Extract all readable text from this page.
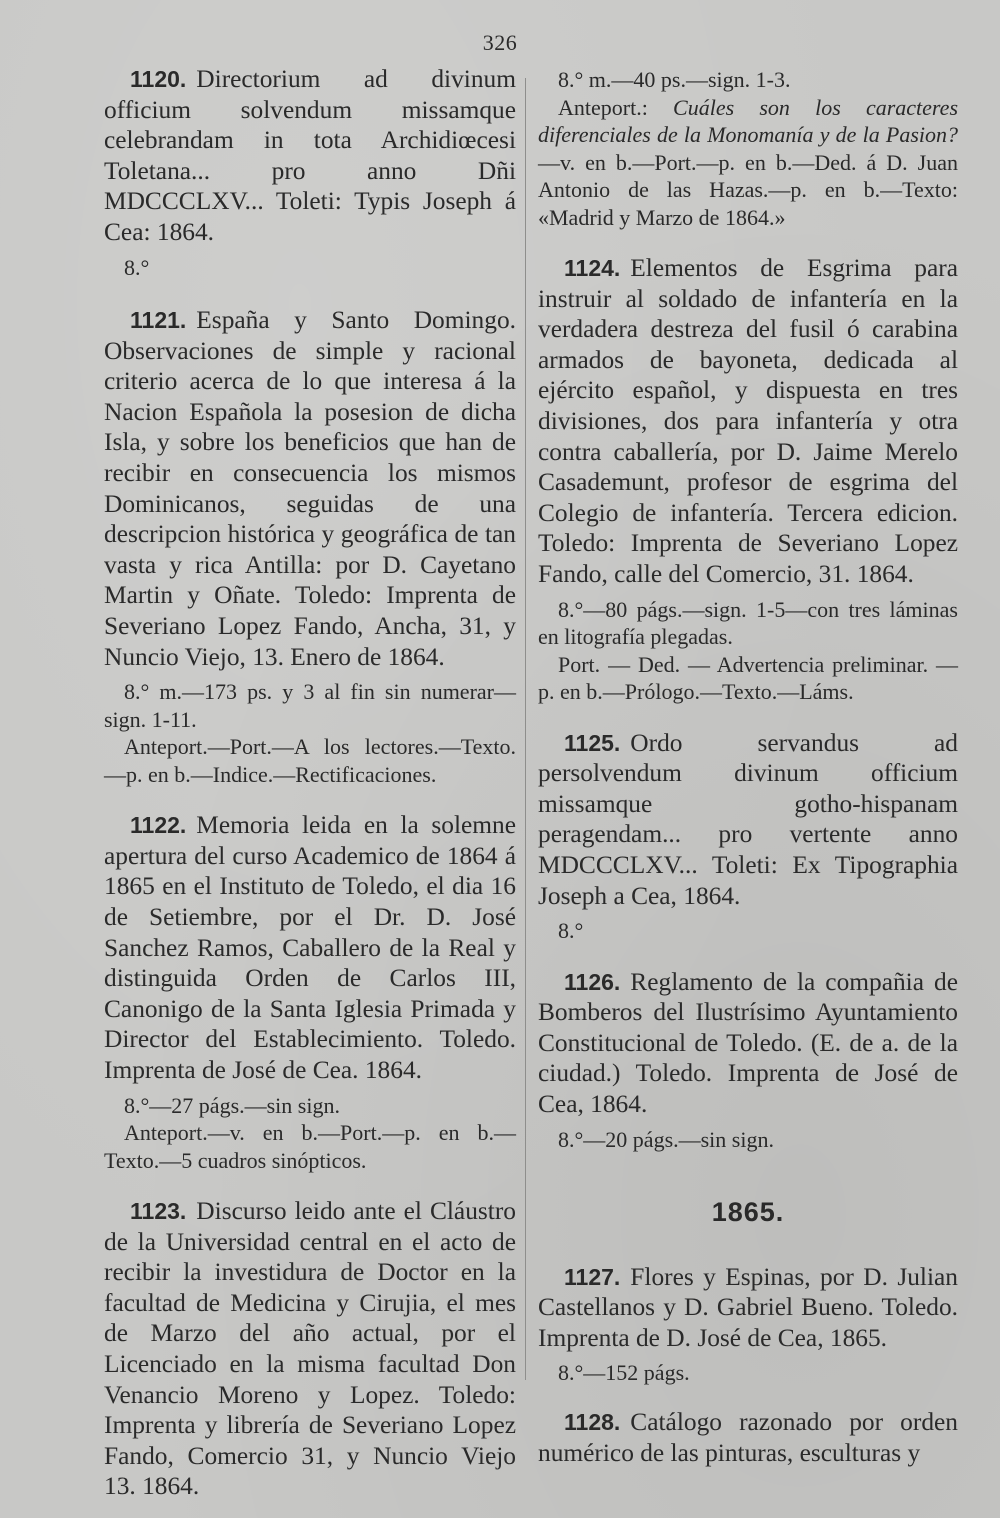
326

1120. Directorium ad divinum officium solvendum missamque celebrandam in tota Archidiœcesi Toletana... pro anno Dñi MDCCCLXV... Toleti: Typis Joseph á Cea: 1864.

8.°

1121. España y Santo Domingo. Observaciones de simple y racional criterio acerca de lo que interesa á la Nacion Española la posesion de dicha Isla, y sobre los beneficios que han de recibir en consecuencia los mismos Dominicanos, seguidas de una descripcion histórica y geográfica de tan vasta y rica Antilla: por D. Cayetano Martin y Oñate. Toledo: Imprenta de Severiano Lopez Fando, Ancha, 31, y Nuncio Viejo, 13. Enero de 1864.

8.° m.—173 ps. y 3 al fin sin numerar—sign. 1-11.

Anteport.—Port.—A los lectores.—Texto.—p. en b.—Indice.—Rectificaciones.

1122. Memoria leida en la solemne apertura del curso Academico de 1864 á 1865 en el Instituto de Toledo, el dia 16 de Setiembre, por el Dr. D. José Sanchez Ramos, Caballero de la Real y distinguida Orden de Carlos III, Canonigo de la Santa Iglesia Primada y Director del Establecimiento. Toledo. Imprenta de José de Cea. 1864.

8.°—27 págs.—sin sign.

Anteport.—v. en b.—Port.—p. en b.—Texto.—5 cuadros sinópticos.

1123. Discurso leido ante el Cláustro de la Universidad central en el acto de recibir la investidura de Doctor en la facultad de Medicina y Cirujia, el mes de Marzo del año actual, por el Licenciado en la misma facultad Don Venancio Moreno y Lopez. Toledo: Imprenta y librería de Severiano Lopez Fando, Comercio 31, y Nuncio Viejo 13. 1864.

8.° m.—40 ps.—sign. 1-3.

Anteport.: Cuáles son los caracteres diferenciales de la Monomanía y de la Pasion?—v. en b.—Port.—p. en b.—Ded. á D. Juan Antonio de las Hazas.—p. en b.—Texto: «Madrid y Marzo de 1864.»

1124. Elementos de Esgrima para instruir al soldado de infantería en la verdadera destreza del fusil ó carabina armados de bayoneta, dedicada al ejército español, y dispuesta en tres divisiones, dos para infantería y otra contra caballería, por D. Jaime Merelo Casademunt, profesor de esgrima del Colegio de infantería. Tercera edicion. Toledo: Imprenta de Severiano Lopez Fando, calle del Comercio, 31. 1864.

8.°—80 págs.—sign. 1-5—con tres láminas en litografía plegadas.

Port. — Ded. — Advertencia preliminar. —p. en b.—Prólogo.—Texto.—Láms.

1125. Ordo servandus ad persolvendum divinum officium missamque gotho-hispanam peragendam... pro vertente anno MDCCCLXV... Toleti: Ex Tipographia Joseph a Cea, 1864.

8.°

1126. Reglamento de la compañia de Bomberos del Ilustrísimo Ayuntamiento Constitucional de Toledo. (E. de a. de la ciudad.) Toledo. Imprenta de José de Cea, 1864.

8.°—20 págs.—sin sign.

1865.

1127. Flores y Espinas, por D. Julian Castellanos y D. Gabriel Bueno. Toledo. Imprenta de D. José de Cea, 1865.

8.°—152 págs.

1128. Catálogo razonado por orden numérico de las pinturas, esculturas y
